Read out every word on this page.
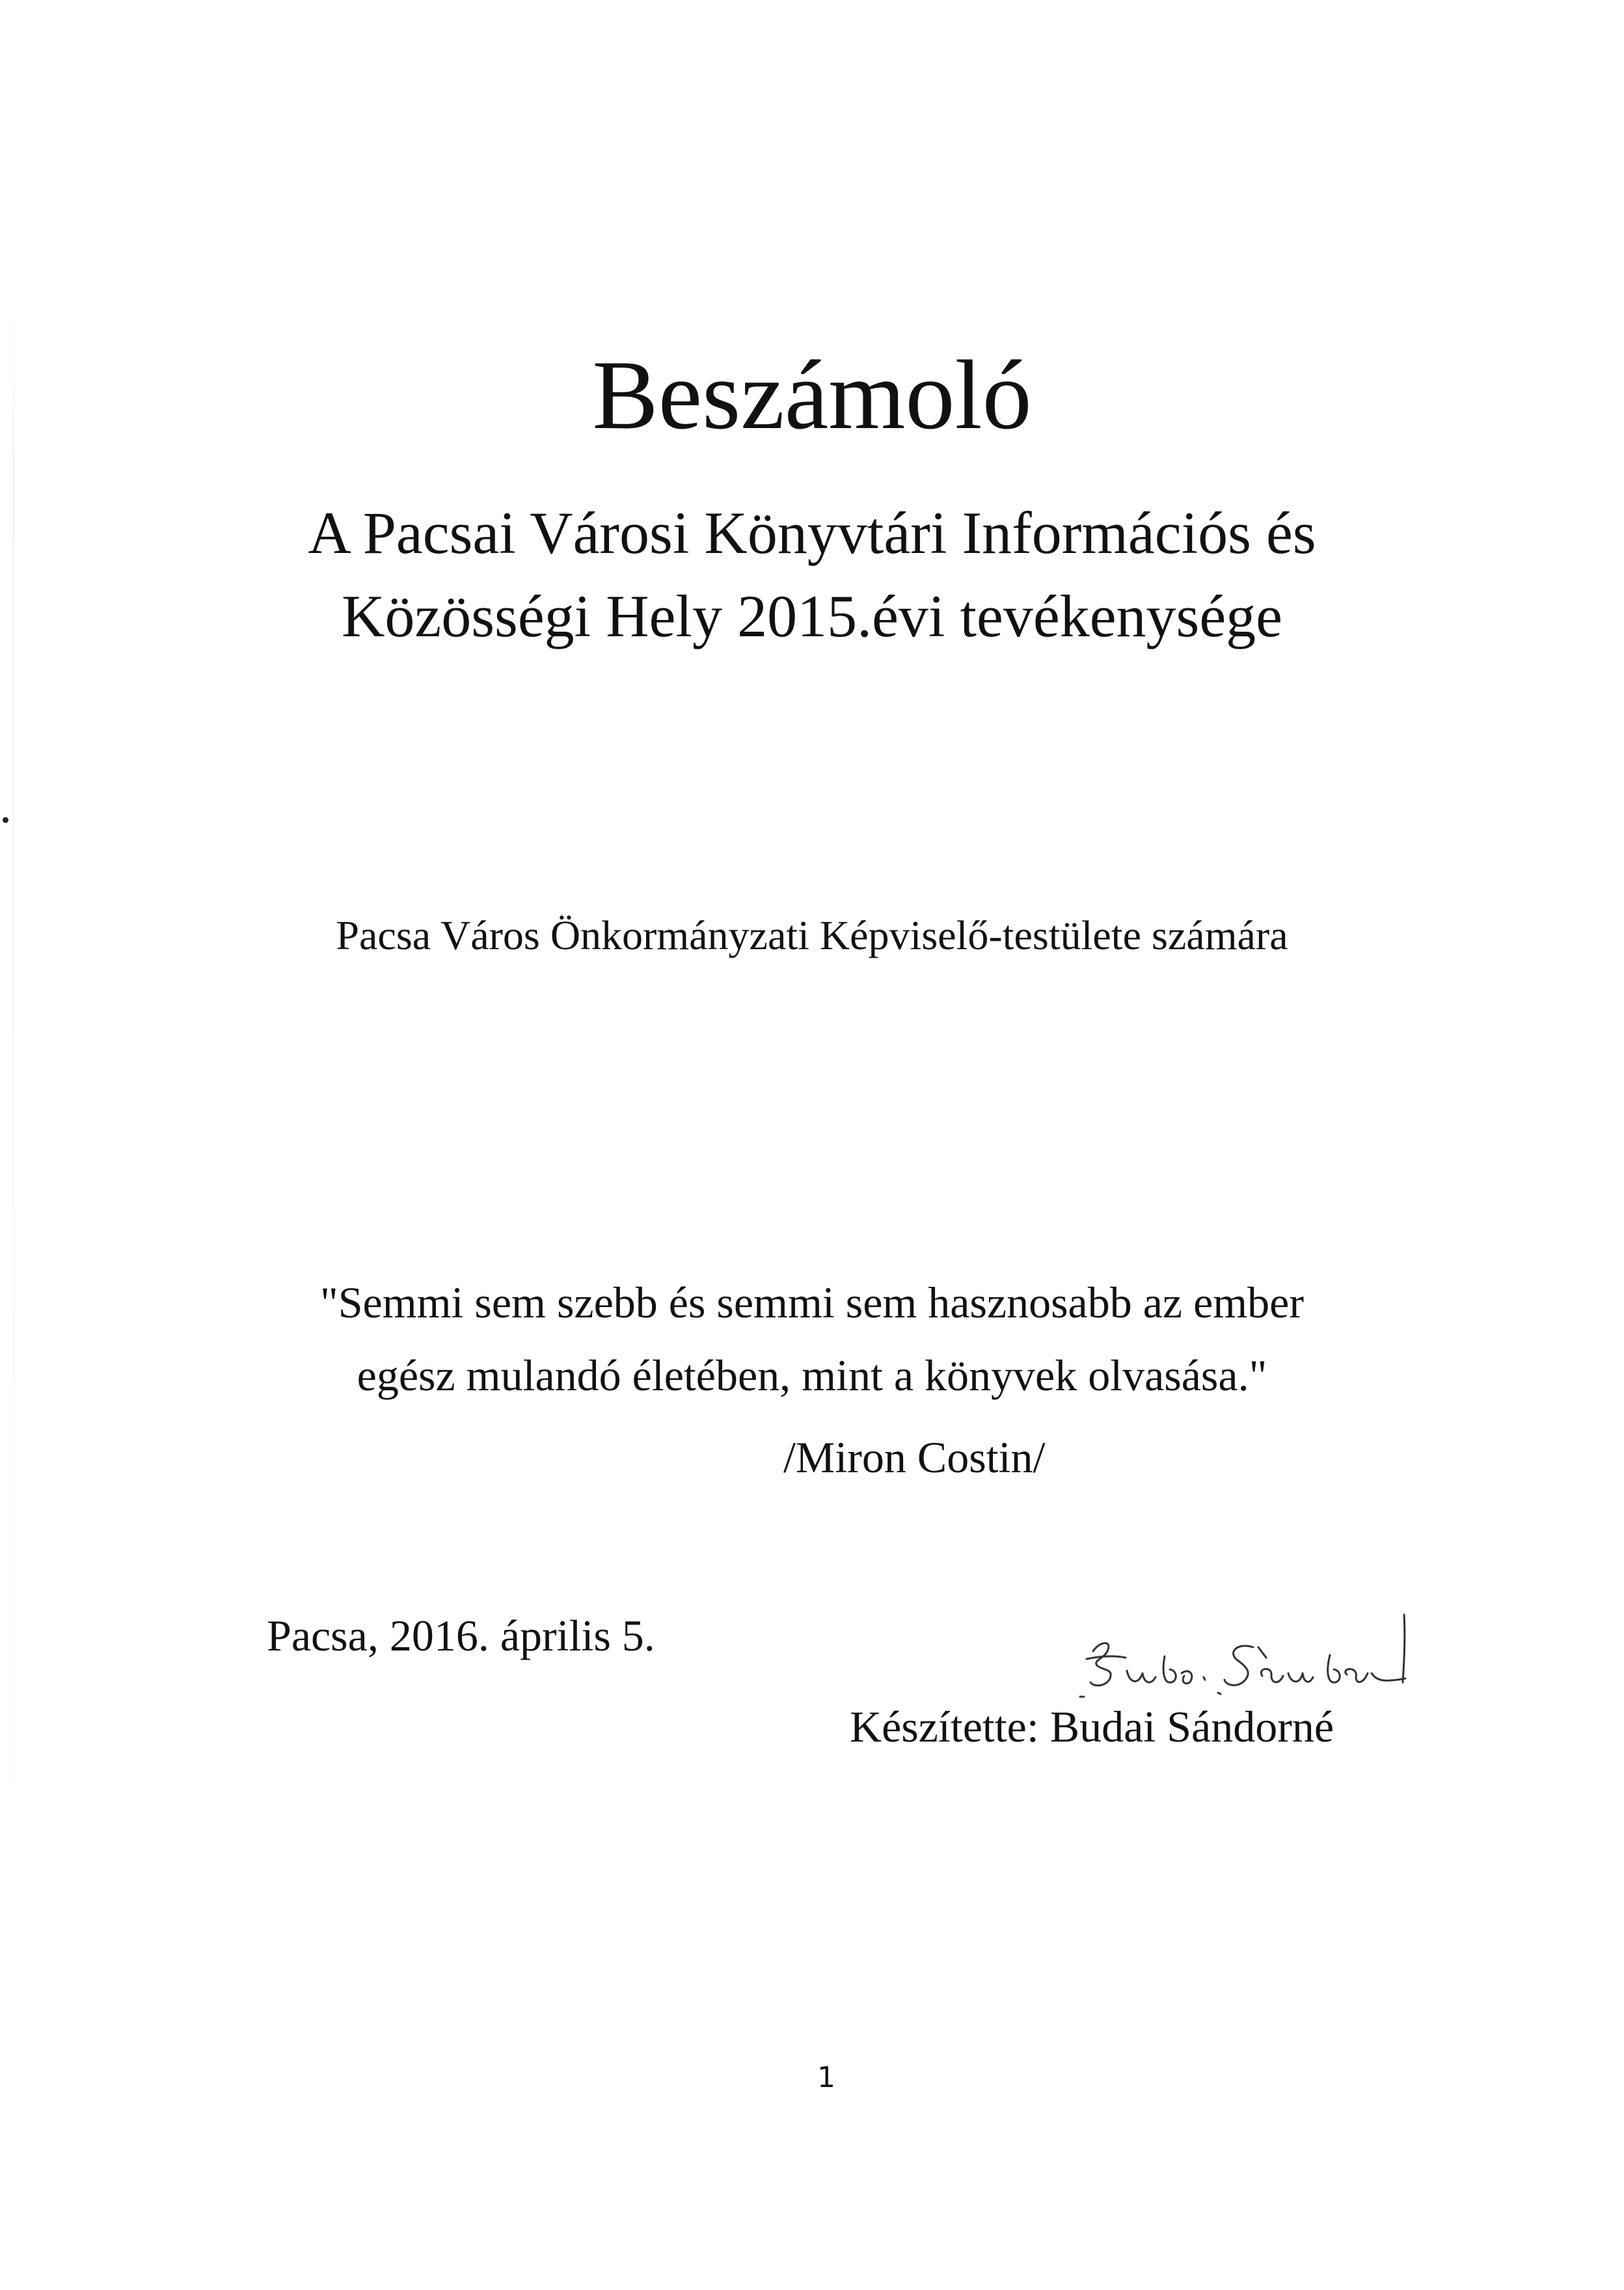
Beszámoló
A Pacsai Városi Könyvtári Információs és
Közösségi Hely 2015.évi tevékenysége

Pacsa Város Önkormányzati Képviselő-testülete számára

"Semmi sem szebb és semmi sem hasznosabb az ember
egész mulandó életében, mint a könyvek olvasása."

/Miron Costin/

Pacsa, 2016. április 5.

Készítette: Budai Sándorné

1
